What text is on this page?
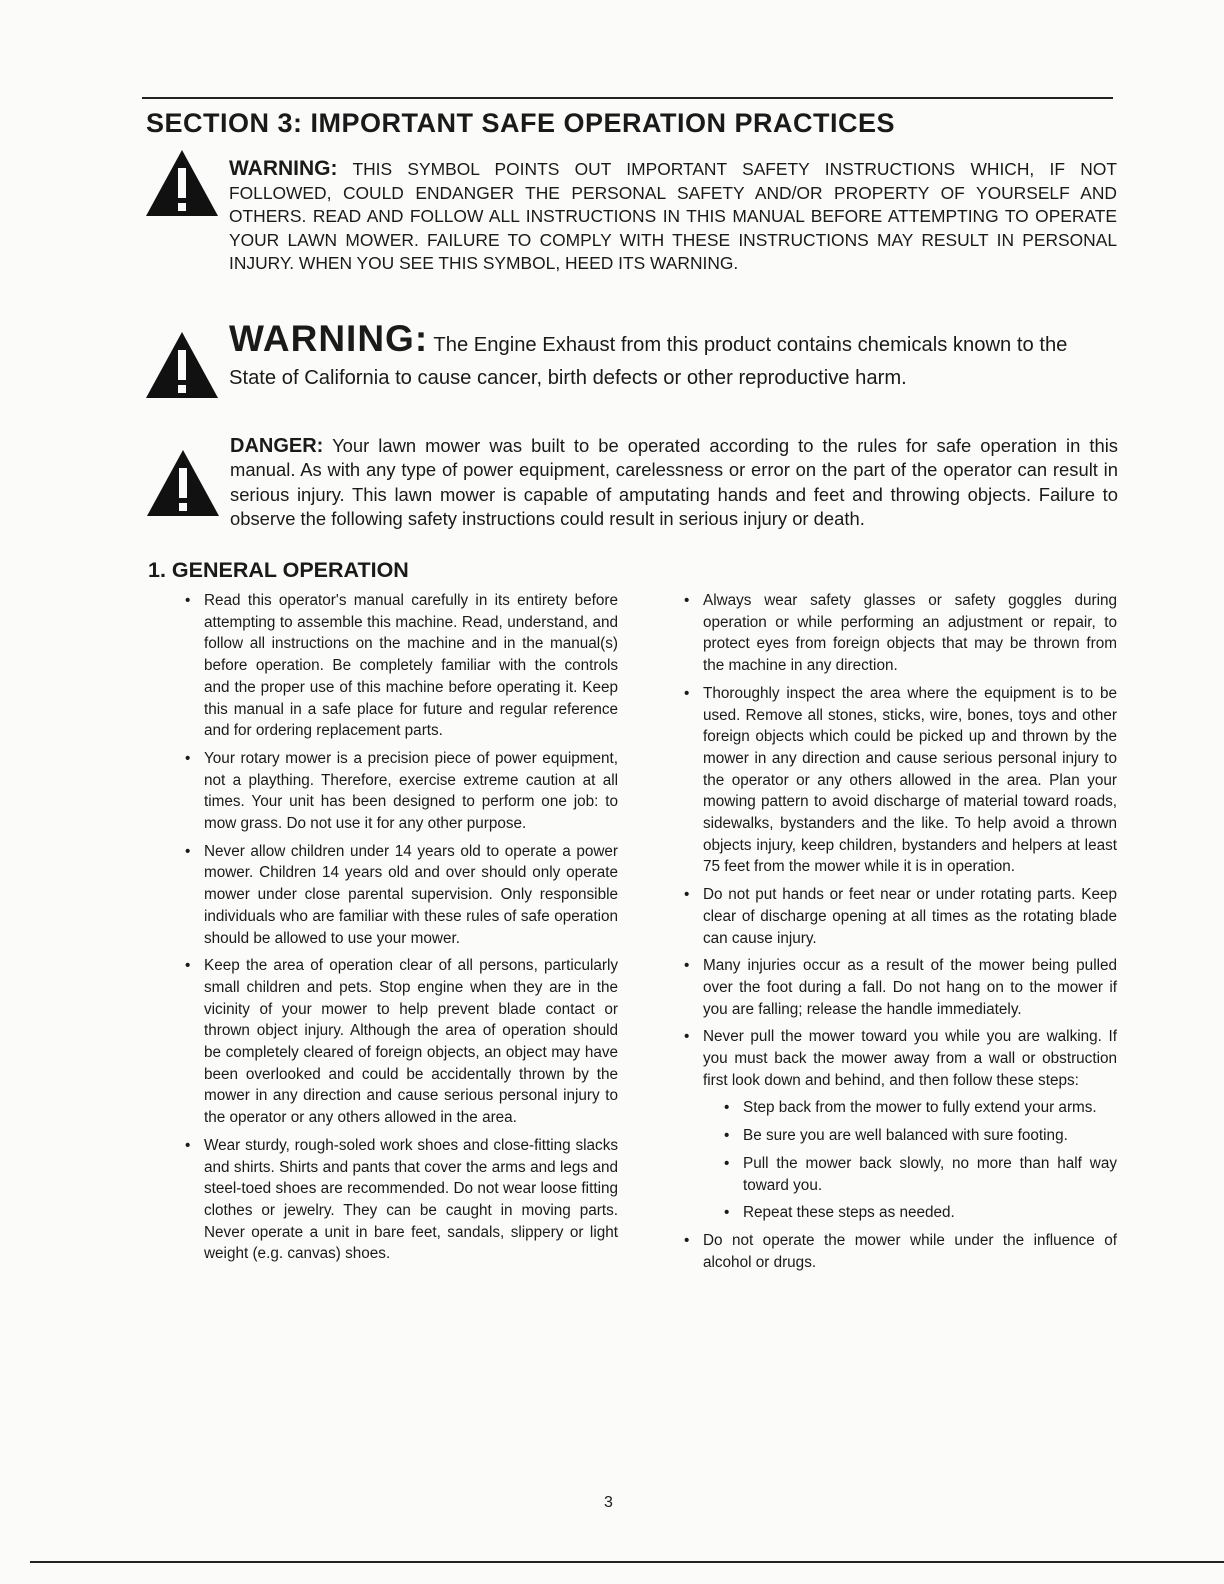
SECTION 3: IMPORTANT SAFE OPERATION PRACTICES
WARNING: THIS SYMBOL POINTS OUT IMPORTANT SAFETY INSTRUCTIONS WHICH, IF NOT FOLLOWED, COULD ENDANGER THE PERSONAL SAFETY AND/OR PROPERTY OF YOURSELF AND OTHERS. READ AND FOLLOW ALL INSTRUCTIONS IN THIS MANUAL BEFORE ATTEMPTING TO OPERATE YOUR LAWN MOWER. FAILURE TO COMPLY WITH THESE INSTRUCTIONS MAY RESULT IN PERSONAL INJURY. WHEN YOU SEE THIS SYMBOL, HEED ITS WARNING.
WARNING: The Engine Exhaust from this product contains chemicals known to the State of California to cause cancer, birth defects or other reproductive harm.
DANGER: Your lawn mower was built to be operated according to the rules for safe operation in this manual. As with any type of power equipment, carelessness or error on the part of the operator can result in serious injury. This lawn mower is capable of amputating hands and feet and throwing objects. Failure to observe the following safety instructions could result in serious injury or death.
1. GENERAL OPERATION
• Read this operator's manual carefully in its entirety before attempting to assemble this machine. Read, understand, and follow all instructions on the machine and in the manual(s) before operation. Be completely familiar with the controls and the proper use of this machine before operating it. Keep this manual in a safe place for future and regular reference and for ordering replacement parts.
• Your rotary mower is a precision piece of power equipment, not a plaything. Therefore, exercise extreme caution at all times. Your unit has been designed to perform one job: to mow grass. Do not use it for any other purpose.
• Never allow children under 14 years old to operate a power mower. Children 14 years old and over should only operate mower under close parental supervision. Only responsible individuals who are familiar with these rules of safe operation should be allowed to use your mower.
• Keep the area of operation clear of all persons, particularly small children and pets. Stop engine when they are in the vicinity of your mower to help prevent blade contact or thrown object injury. Although the area of operation should be completely cleared of foreign objects, an object may have been overlooked and could be accidentally thrown by the mower in any direction and cause serious personal injury to the operator or any others allowed in the area.
• Wear sturdy, rough-soled work shoes and close-fitting slacks and shirts. Shirts and pants that cover the arms and legs and steel-toed shoes are recommended. Do not wear loose fitting clothes or jewelry. They can be caught in moving parts. Never operate a unit in bare feet, sandals, slippery or light weight (e.g. canvas) shoes.
• Always wear safety glasses or safety goggles during operation or while performing an adjustment or repair, to protect eyes from foreign objects that may be thrown from the machine in any direction.
• Thoroughly inspect the area where the equipment is to be used. Remove all stones, sticks, wire, bones, toys and other foreign objects which could be picked up and thrown by the mower in any direction and cause serious personal injury to the operator or any others allowed in the area. Plan your mowing pattern to avoid discharge of material toward roads, sidewalks, bystanders and the like. To help avoid a thrown objects injury, keep children, bystanders and helpers at least 75 feet from the mower while it is in operation.
• Do not put hands or feet near or under rotating parts. Keep clear of discharge opening at all times as the rotating blade can cause injury.
• Many injuries occur as a result of the mower being pulled over the foot during a fall. Do not hang on to the mower if you are falling; release the handle immediately.
• Never pull the mower toward you while you are walking. If you must back the mower away from a wall or obstruction first look down and behind, and then follow these steps:
• Step back from the mower to fully extend your arms.
• Be sure you are well balanced with sure footing.
• Pull the mower back slowly, no more than half way toward you.
• Repeat these steps as needed.
• Do not operate the mower while under the influence of alcohol or drugs.
3
